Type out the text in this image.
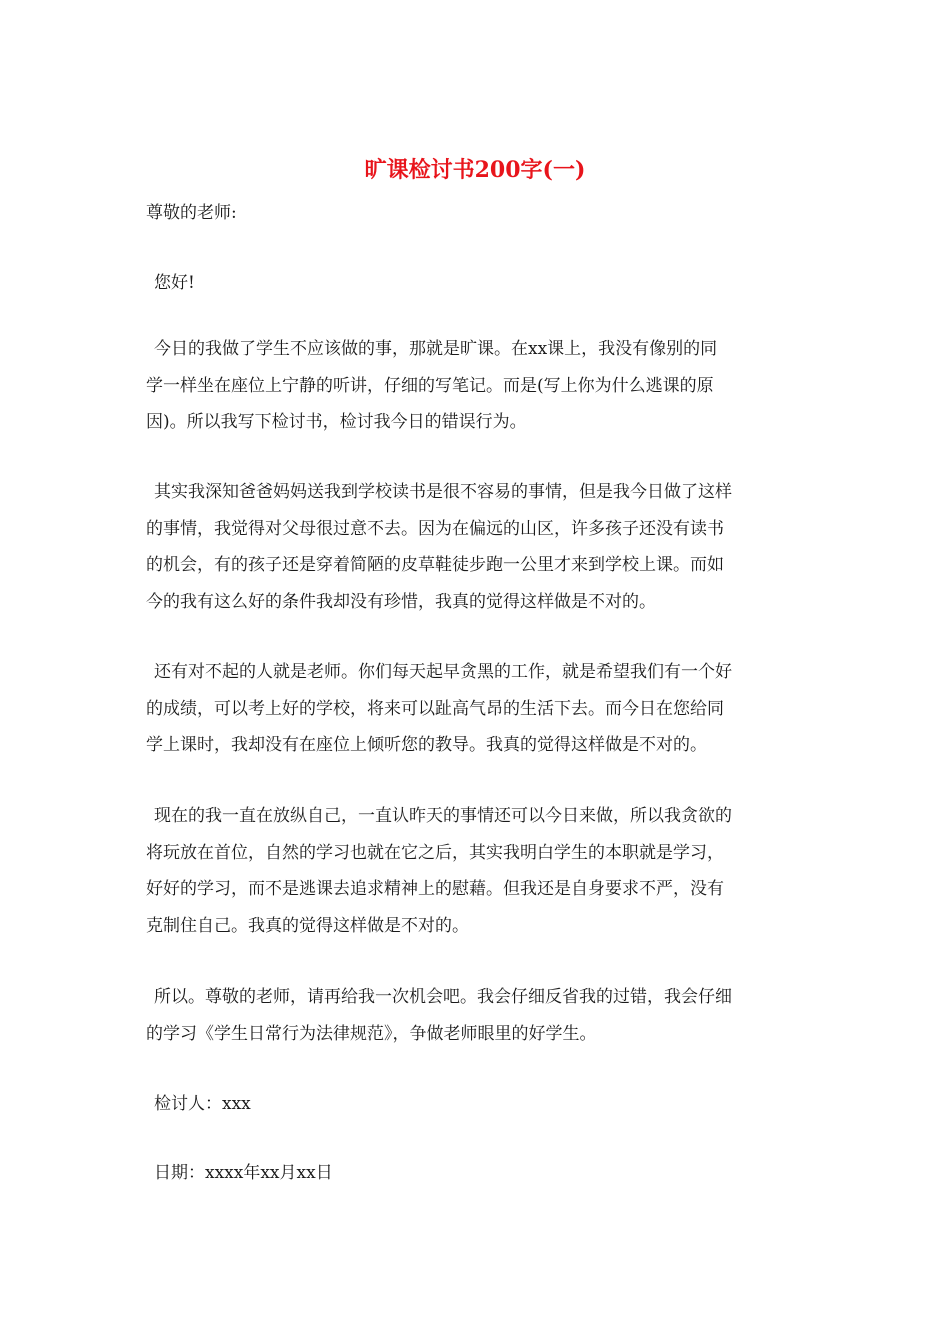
旷课检讨书200字(一)
尊敬的老师:
您好!
今日的我做了学生不应该做的事，那就是旷课。在xx课上，我没有像别的同
学一样坐在座位上宁静的听讲，仔细的写笔记。而是(写上你为什么逃课的原
因)。所以我写下检讨书，检讨我今日的错误行为。
其实我深知爸爸妈妈送我到学校读书是很不容易的事情，但是我今日做了这样
的事情，我觉得对父母很过意不去。因为在偏远的山区，许多孩子还没有读书
的机会，有的孩子还是穿着简陋的皮草鞋徒步跑一公里才来到学校上课。而如
今的我有这么好的条件我却没有珍惜，我真的觉得这样做是不对的。
还有对不起的人就是老师。你们每天起早贪黑的工作，就是希望我们有一个好
的成绩，可以考上好的学校，将来可以趾高气昂的生活下去。而今日在您给同
学上课时，我却没有在座位上倾听您的教导。我真的觉得这样做是不对的。
现在的我一直在放纵自己，一直认昨天的事情还可以今日来做，所以我贪欲的
将玩放在首位，自然的学习也就在它之后，其实我明白学生的本职就是学习，
好好的学习，而不是逃课去追求精神上的慰藉。但我还是自身要求不严，没有
克制住自己。我真的觉得这样做是不对的。
所以。尊敬的老师，请再给我一次机会吧。我会仔细反省我的过错，我会仔细
的学习《学生日常行为法律规范》，争做老师眼里的好学生。
检讨人：xxx
日期：xxxx年xx月xx日
